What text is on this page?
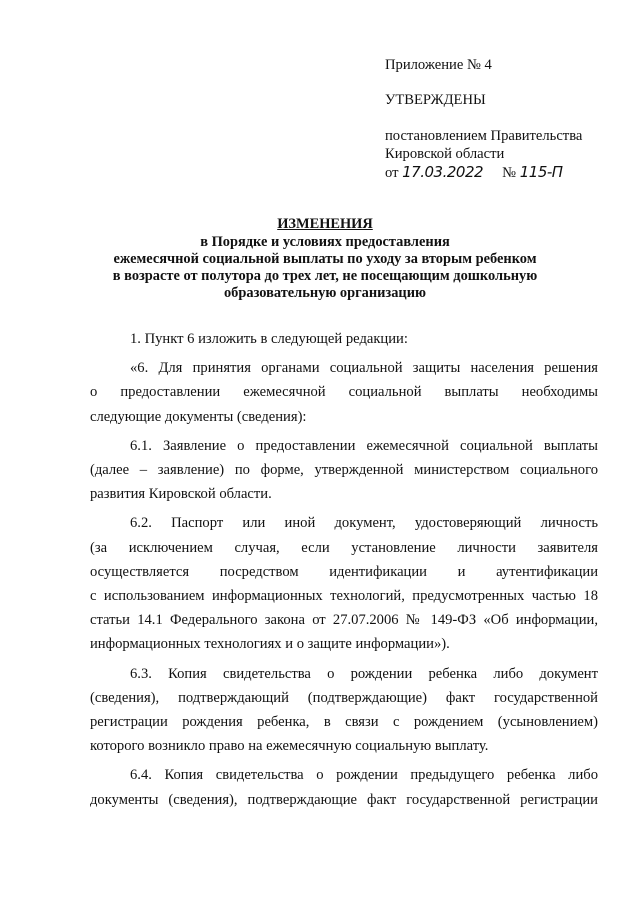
Приложение № 4
УТВЕРЖДЕНЫ
постановлением Правительства
Кировской области
от 17.03.2022 № 115-П
ИЗМЕНЕНИЯ
в Порядке и условиях предоставления
ежемесячной социальной выплаты по уходу за вторым ребенком
в возрасте от полутора до трех лет, не посещающим дошкольную
образовательную организацию

1. Пункт 6 изложить в следующей редакции:

«6. Для принятия органами социальной защиты населения решения

о предоставлении ежемесячной социальной выплаты необходимы

следующие документы (сведения):

6.1. Заявление о предоставлении ежемесячной социальной выплаты

(далее – заявление) по форме, утвержденной министерством социального

развития Кировской области.

6.2. Паспорт или иной документ, удостоверяющий личность

(за исключением случая, если установление личности заявителя

осуществляется посредством идентификации и аутентификации

с использованием информационных технологий, предусмотренных частью 18

статьи 14.1 Федерального закона от 27.07.2006 № 149-ФЗ «Об информации,

информационных технологиях и о защите информации»).

6.3. Копия свидетельства о рождении ребенка либо документ

(сведения), подтверждающий (подтверждающие) факт государственной

регистрации рождения ребенка, в связи с рождением (усыновлением)

которого возникло право на ежемесячную социальную выплату.

6.4. Копия свидетельства о рождении предыдущего ребенка либо

документы (сведения), подтверждающие факт государственной регистрации
